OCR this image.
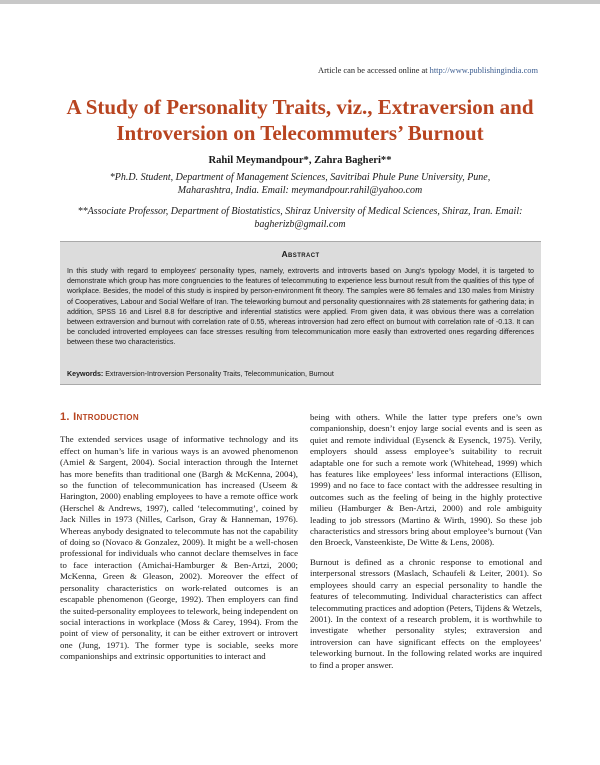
Article can be accessed online at http://www.publishingindia.com
A Study of Personality Traits, viz., Extraversion and Introversion on Telecommuters’ Burnout
Rahil Meymandpour*, Zahra Bagheri**
*Ph.D. Student, Department of Management Sciences, Savitribai Phule Pune University, Pune, Maharashtra, India. Email: meymandpour.rahil@yahoo.com
**Associate Professor, Department of Biostatistics, Shiraz University of Medical Sciences, Shiraz, Iran. Email: bagherizb@gmail.com
Abstract
In this study with regard to employees’ personality types, namely, extroverts and introverts based on Jung’s typology Model, it is targeted to demonstrate which group has more congruencies to the features of telecommuting to experience less burnout result from the qualities of this type of workplace. Besides, the model of this study is inspired by person-environment fit theory. The samples were 86 females and 130 males from Ministry of Cooperatives, Labour and Social Welfare of Iran. The teleworking burnout and personality questionnaires with 28 statements for gathering data; in addition, SPSS 16 and Lisrel 8.8 for descriptive and inferential statistics were applied. From given data, it was obvious there was a correlation between extraversion and burnout with correlation rate of 0.55, whereas introversion had zero effect on burnout with correlation rate of -0.13. It can be concluded introverted employees can face stresses resulting from telecommunication more easily than extroverted ones regarding differences between these two characteristics.
Keywords: Extraversion-Introversion Personality Traits, Telecommunication, Burnout
1. Introduction

The extended services usage of informative technology and its effect on human’s life in various ways is an avowed phenomenon (Amiel & Sargent, 2004). Social interaction through the Internet has more benefits than traditional one (Bargh & McKenna, 2004), so the function of telecommunication has increased (Useem & Harington, 2000) enabling employees to have a remote office work (Herschel & Andrews, 1997), called ‘telecommuting’, coined by Jack Nilles in 1973 (Nilles, Carlson, Gray & Hanneman, 1976). Whereas anybody designated to telecommute has not the capability of doing so (Novaco & Gonzalez, 2009). It might be a well-chosen professional for individuals who cannot declare themselves in face to face interaction (Amichai-Hamburger & Ben-Artzi, 2000; McKenna, Green & Gleason, 2002). Moreover the effect of personality characteristics on work-related outcomes is an escapable phenomenon (George, 1992). Then employers can find the suited-personality employees to telework, being independent on social interactions in workplace (Moss & Carey, 1994). From the point of view of personality, it can be either extrovert or introvert one (Jung, 1971). The former type is sociable, seeks more companionships and extrinsic opportunities to interact and

being with others. While the latter type prefers one’s own companionship, doesn’t enjoy large social events and is seen as quiet and remote individual (Eysenck & Eysenck, 1975). Verily, employers should assess employee’s suitability to recruit adaptable one for such a remote work (Whitehead, 1999) which has features like employees’ less informal interactions (Ellison, 1999) and no face to face contact with the addressee resulting in outcomes such as the feeling of being in the highly protective milieu (Hamburger & Ben-Artzi, 2000) and role ambiguity leading to job stressors (Martino & Wirth, 1990). So these job characteristics and stressors bring about employee’s burnout (Van den Broeck, Vansteenkiste, De Witte & Lens, 2008).

Burnout is defined as a chronic response to emotional and interpersonal stressors (Maslach, Schaufeli & Leiter, 2001). So employees should carry an especial personality to handle the features of telecommuting. Individual characteristics can affect telecommuting practices and adoption (Peters, Tijdens & Wetzels, 2001). In the context of a research problem, it is worthwhile to investigate whether personality styles; extraversion and introversion can have significant effects on the employees’ teleworking burnout. In the following related works are inquired to find a proper answer.
